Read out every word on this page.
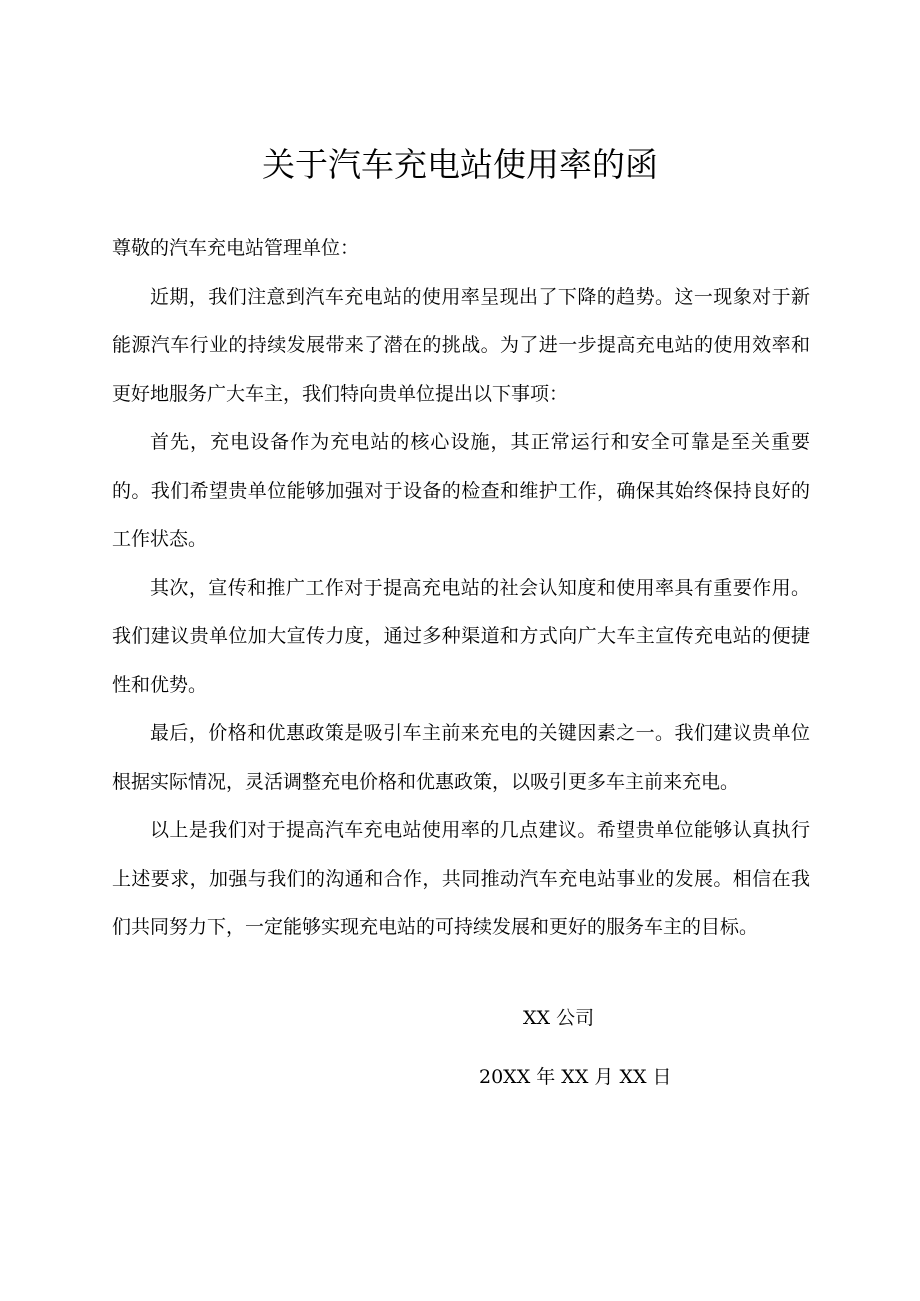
关于汽车充电站使用率的函

尊敬的汽车充电站管理单位：

近期，我们注意到汽车充电站的使用率呈现出了下降的趋势。这一现象对于新能源汽车行业的持续发展带来了潜在的挑战。为了进一步提高充电站的使用效率和更好地服务广大车主，我们特向贵单位提出以下事项：

首先，充电设备作为充电站的核心设施，其正常运行和安全可靠是至关重要的。我们希望贵单位能够加强对于设备的检查和维护工作，确保其始终保持良好的工作状态。

其次，宣传和推广工作对于提高充电站的社会认知度和使用率具有重要作用。我们建议贵单位加大宣传力度，通过多种渠道和方式向广大车主宣传充电站的便捷性和优势。

最后，价格和优惠政策是吸引车主前来充电的关键因素之一。我们建议贵单位根据实际情况，灵活调整充电价格和优惠政策，以吸引更多车主前来充电。

以上是我们对于提高汽车充电站使用率的几点建议。希望贵单位能够认真执行上述要求，加强与我们的沟通和合作，共同推动汽车充电站事业的发展。相信在我们共同努力下，一定能够实现充电站的可持续发展和更好的服务车主的目标。

XX 公司
20XX 年 XX 月 XX 日
